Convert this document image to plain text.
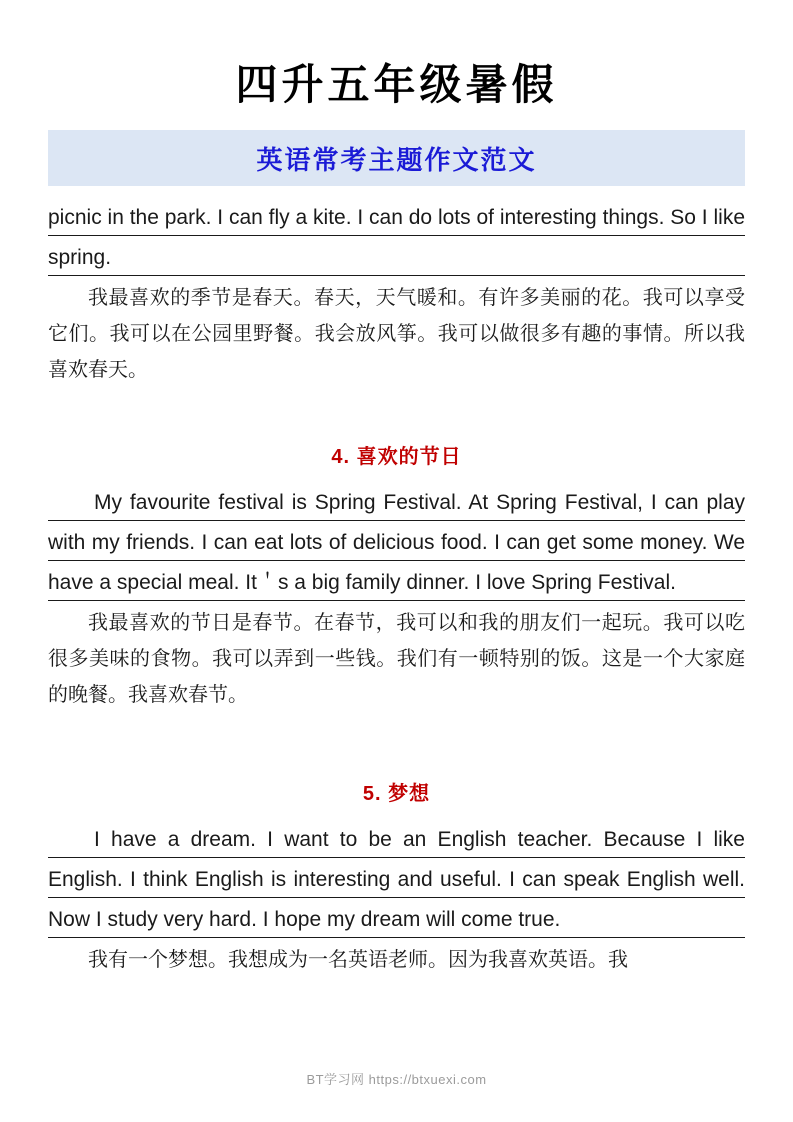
四升五年级暑假
英语常考主题作文范文

picnic in the park. I can fly a kite. I can do lots of interesting things. So I like spring.

我最喜欢的季节是春天。春天，天气暖和。有许多美丽的花。我可以享受它们。我可以在公园里野餐。我会放风筝。我可以做很多有趣的事情。所以我喜欢春天。

4. 喜欢的节日

My favourite festival is Spring Festival. At Spring Festival, I can play with my friends. I can eat lots of delicious food. I can get some money. We have a special meal. It＇s a big family dinner. I love Spring Festival.

我最喜欢的节日是春节。在春节，我可以和我的朋友们一起玩。我可以吃很多美味的食物。我可以弄到一些钱。我们有一顿特别的饭。这是一个大家庭的晚餐。我喜欢春节。

5. 梦想

I have a dream. I want to be an English teacher. Because I like English. I think English is interesting and useful. I can speak English well. Now I study very hard. I hope my dream will come true.

我有一个梦想。我想成为一名英语老师。因为我喜欢英语。我

BT学习网 https://btxuexi.com
